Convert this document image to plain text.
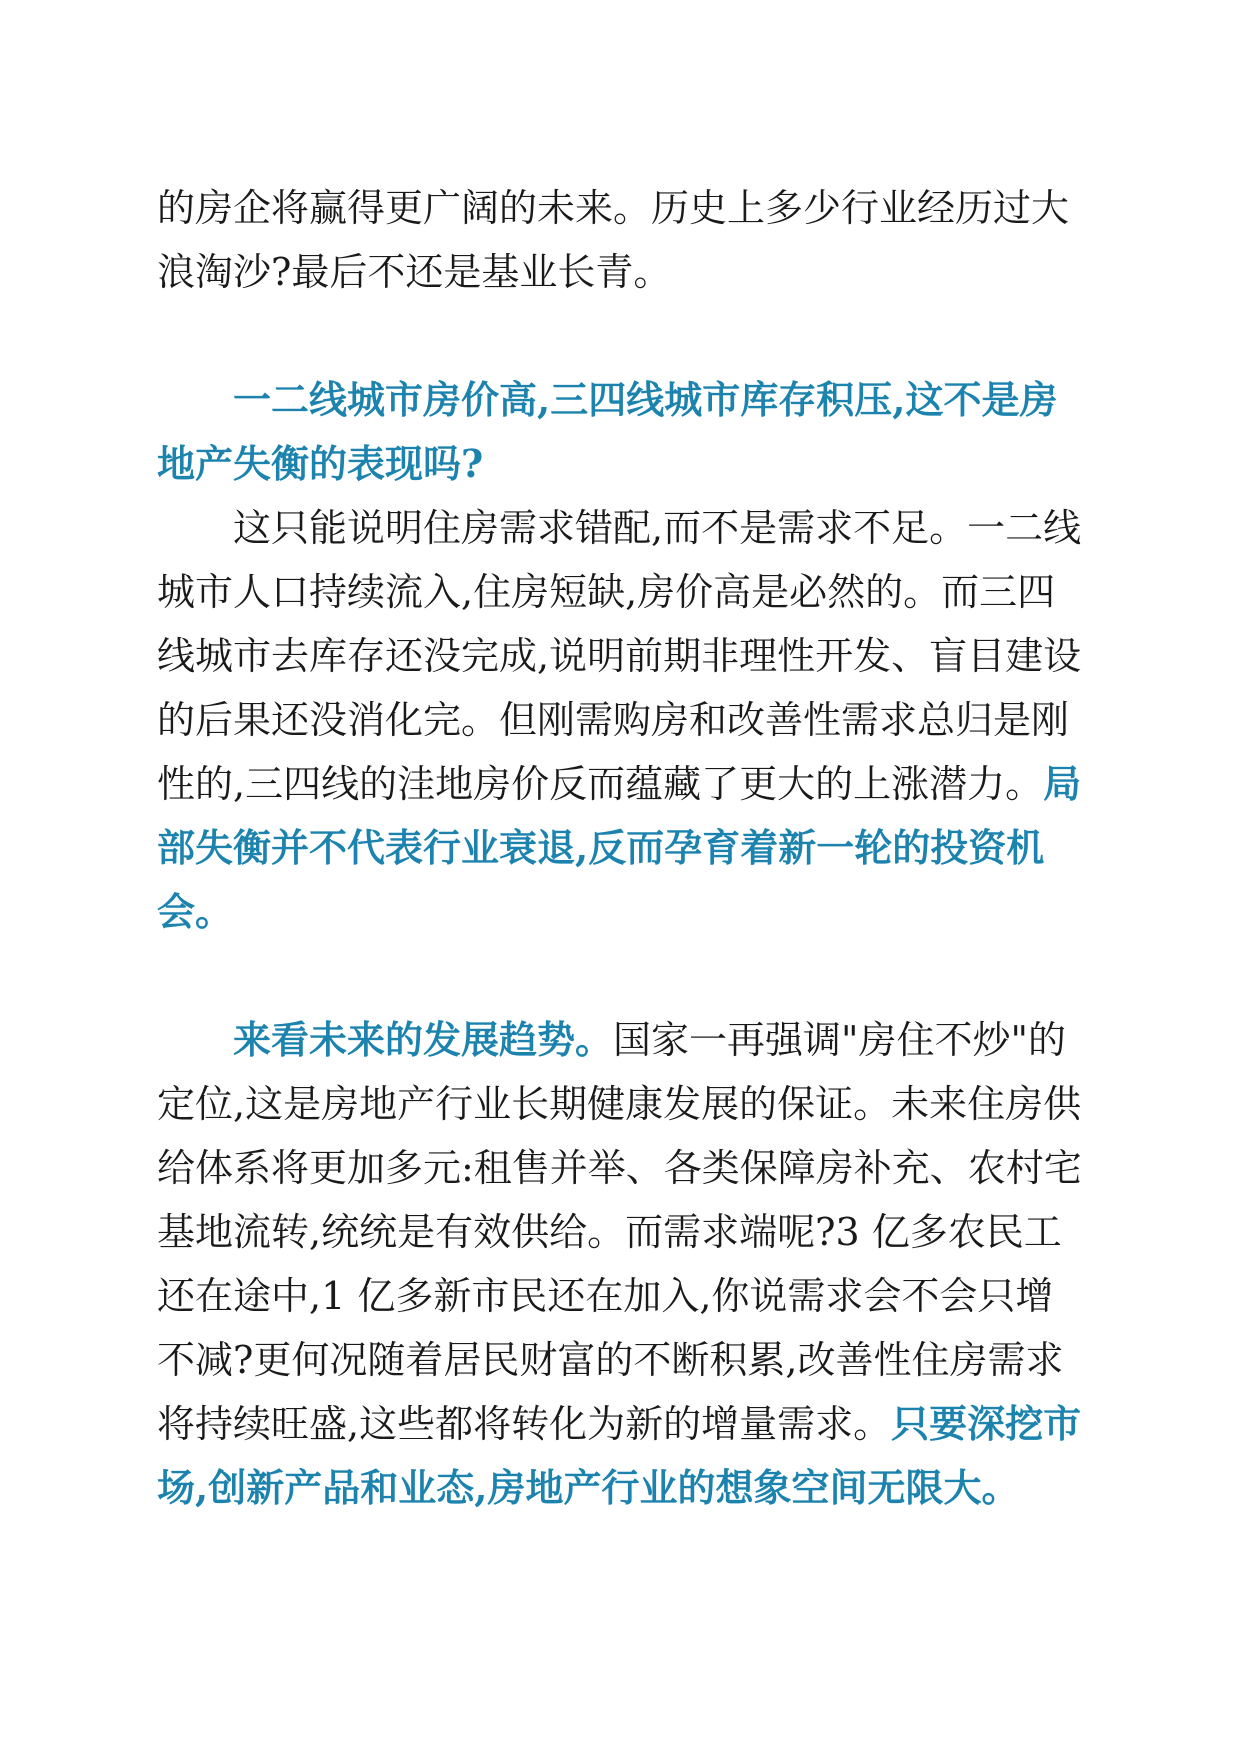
的房企将赢得更广阔的未来。历史上多少行业经历过大浪淘沙?最后不还是基业长青。

一二线城市房价高,三四线城市库存积压,这不是房地产失衡的表现吗?

这只能说明住房需求错配,而不是需求不足。一二线城市人口持续流入,住房短缺,房价高是必然的。而三四线城市去库存还没完成,说明前期非理性开发、盲目建设的后果还没消化完。但刚需购房和改善性需求总归是刚性的,三四线的洼地房价反而蕴藏了更大的上涨潜力。局部失衡并不代表行业衰退,反而孕育着新一轮的投资机会。

来看未来的发展趋势。国家一再强调"房住不炒"的定位,这是房地产行业长期健康发展的保证。未来住房供给体系将更加多元:租售并举、各类保障房补充、农村宅基地流转,统统是有效供给。而需求端呢?3 亿多农民工还在途中,1 亿多新市民还在加入,你说需求会不会只增不减?更何况随着居民财富的不断积累,改善性住房需求将持续旺盛,这些都将转化为新的增量需求。只要深挖市场,创新产品和业态,房地产行业的想象空间无限大。
